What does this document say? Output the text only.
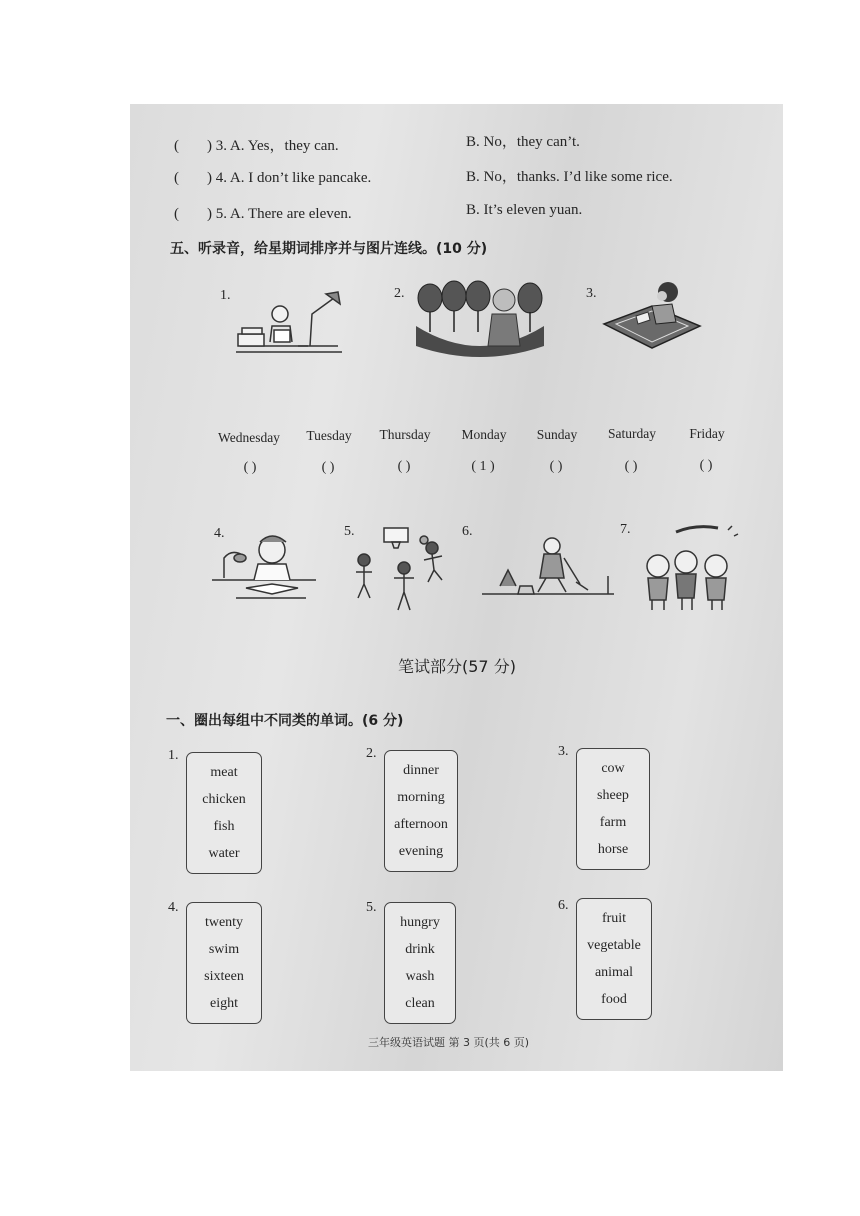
( ) 3. A. Yes，they can.	B. No，they can’t.
( ) 4. A. I don’t like pancake.	B. No，thanks. I’d like some rice.
( ) 5. A. There are eleven.	B. It’s eleven yuan.
五、听录音，给星期词排序并与图片连线。(10 分)
1.	2.	3.
Wednesday	Tuesday	Thursday	Monday	Sunday	Saturday	Friday
( )	( )	( )	( 1 )	( )	( )	( )
4.	5.	6.	7.
笔试部分(57 分)
一、圈出每组中不同类的单词。(6 分)
1.
meat
chicken
fish
water
2.
dinner
morning
afternoon
evening
3.
cow
sheep
farm
horse
4.
twenty
swim
sixteen
eight
5.
hungry
drink
wash
clean
6.
fruit
vegetable
animal
food
三年级英语试题 第 3 页(共 6 页)
